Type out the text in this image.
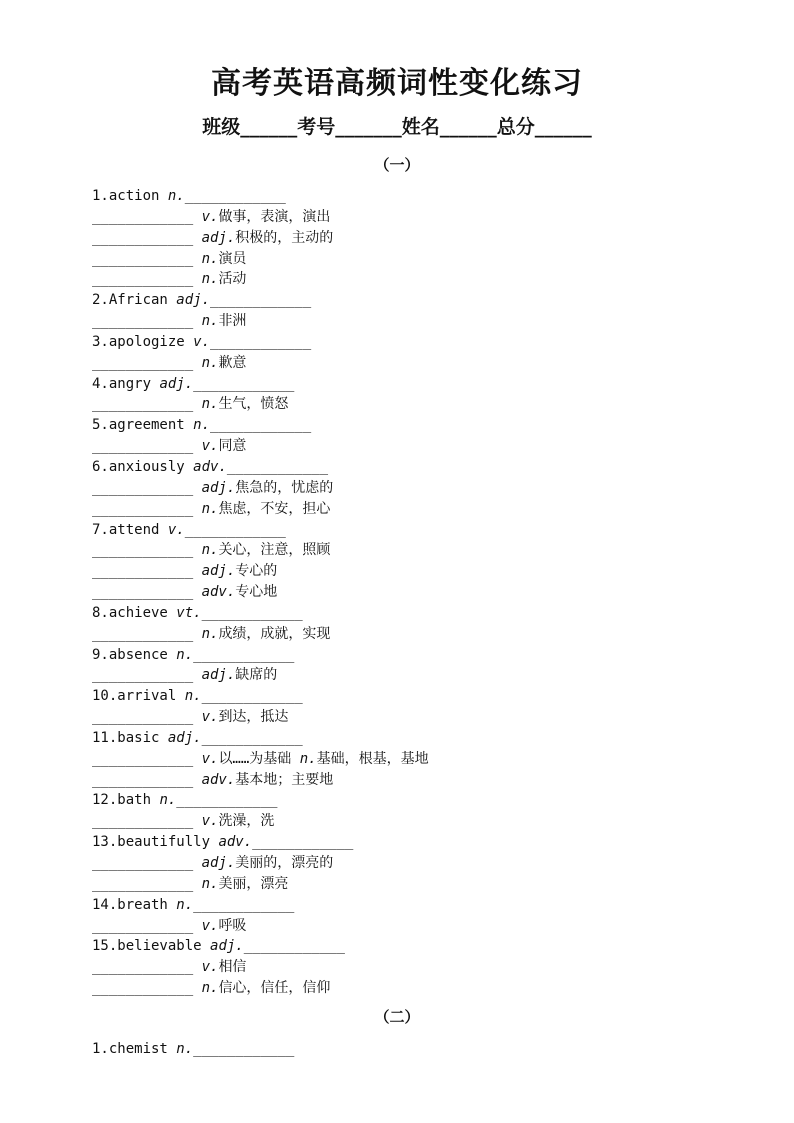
高考英语高频词性变化练习
班级______考号_______姓名______总分______
（一）
1.action n.____________
____________ v.做事，表演，演出
____________ adj.积极的，主动的
____________ n.演员
____________ n.活动
2.African adj.____________
____________ n.非洲
3.apologize v.____________
____________ n.歉意
4.angry adj.____________
____________ n.生气，愤怒
5.agreement n.____________
____________ v.同意
6.anxiously adv.____________
____________ adj.焦急的，忧虑的
____________ n.焦虑，不安，担心
7.attend v.____________
____________ n.关心，注意，照顾
____________ adj.专心的
____________ adv.专心地
8.achieve vt.____________
____________ n.成绩，成就，实现
9.absence n.____________
____________ adj.缺席的
10.arrival n.____________
____________ v.到达，抵达
11.basic adj.____________
____________ v.以……为基础 n.基础，根基，基地
____________ adv.基本地；主要地
12.bath n.____________
____________ v.洗澡，洗
13.beautifully adv.____________
____________ adj.美丽的，漂亮的
____________ n.美丽，漂亮
14.breath n.____________
____________ v.呼吸
15.believable adj.____________
____________ v.相信
____________ n.信心，信任，信仰
（二）
1.chemist n.____________
